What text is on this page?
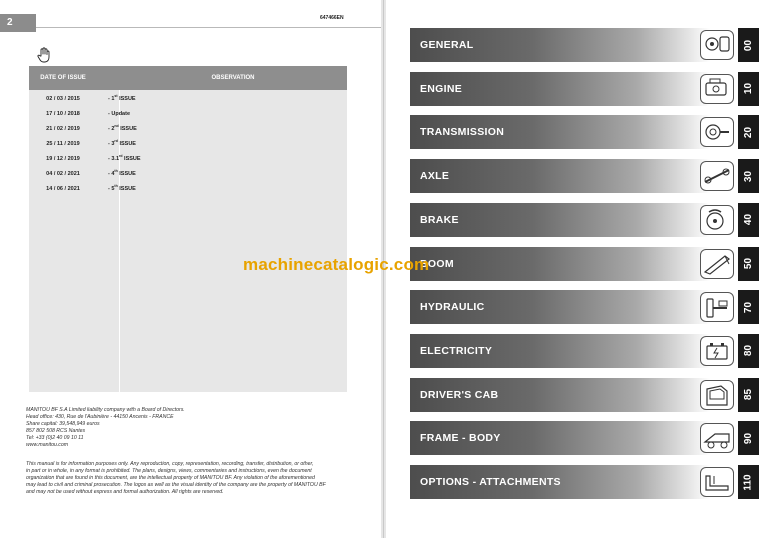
2	647466EN
DATE OF ISSUE	OBSERVATION
02 / 03 / 2015	- 1st ISSUE
17 / 10 / 2018	- Update
21 / 02 / 2019	- 2nd ISSUE
25 / 11 / 2019	- 3rd ISSUE
19 / 12 / 2019	- 3.1rd ISSUE
04 / 02 / 2021	- 4th ISSUE
14 / 06 / 2021	- 5th ISSUE
MANITOU BF S.A Limited liability company with a Board of Directors.
Head office: 430, Rue de l'Aubinière - 44150 Ancenis - FRANCE
Share capital: 39,548,949 euros
857 802 508 RCS Nantes
Tel: +33 (0)2 40 09 10 11
www.manitou.com
This manual is for information purposes only. Any reproduction, copy, representation, recording, transfer, distribution, or other,
in part or in whole, in any format is prohibited. The plans, designs, views, commentaries and instructions, even the document
organization that are found in this document, are the intellectual property of MANITOU BF. Any violation of the aforementioned
may lead to civil and criminal prosecution. The logos as well as the visual identity of the company are the property of MANITOU BF
and may not be used without express and formal authorization. All rights are reserved.
GENERAL	00
ENGINE	10
TRANSMISSION	20
AXLE	30
BRAKE	40
BOOM	50
HYDRAULIC	70
ELECTRICITY	80
DRIVER'S CAB	85
FRAME - BODY	90
OPTIONS - ATTACHMENTS	110
machinecatalogic.com
